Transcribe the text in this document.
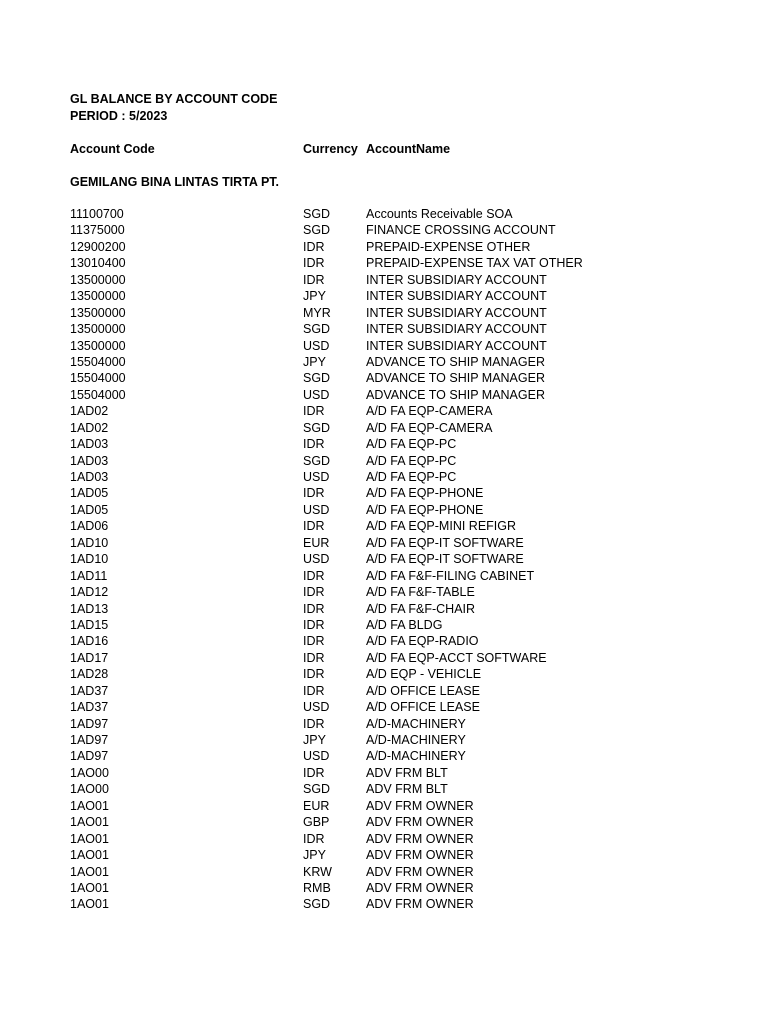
GL BALANCE BY ACCOUNT CODE
PERIOD : 5/2023
Account Code	Currency AccountName
GEMILANG BINA LINTAS TIRTA PT.
11100700	SGD	Accounts Receivable SOA
11375000	SGD	FINANCE CROSSING ACCOUNT
12900200	IDR	PREPAID-EXPENSE OTHER
13010400	IDR	PREPAID-EXPENSE TAX VAT OTHER
13500000	IDR	INTER SUBSIDIARY ACCOUNT
13500000	JPY	INTER SUBSIDIARY ACCOUNT
13500000	MYR	INTER SUBSIDIARY ACCOUNT
13500000	SGD	INTER SUBSIDIARY ACCOUNT
13500000	USD	INTER SUBSIDIARY ACCOUNT
15504000	JPY	ADVANCE TO SHIP MANAGER
15504000	SGD	ADVANCE TO SHIP MANAGER
15504000	USD	ADVANCE TO SHIP MANAGER
1AD02	IDR	A/D FA EQP-CAMERA
1AD02	SGD	A/D FA EQP-CAMERA
1AD03	IDR	A/D FA EQP-PC
1AD03	SGD	A/D FA EQP-PC
1AD03	USD	A/D FA EQP-PC
1AD05	IDR	A/D FA EQP-PHONE
1AD05	USD	A/D FA EQP-PHONE
1AD06	IDR	A/D FA EQP-MINI REFIGR
1AD10	EUR	A/D FA EQP-IT SOFTWARE
1AD10	USD	A/D FA EQP-IT SOFTWARE
1AD11	IDR	A/D FA F&F-FILING CABINET
1AD12	IDR	A/D FA F&F-TABLE
1AD13	IDR	A/D FA F&F-CHAIR
1AD15	IDR	A/D FA BLDG
1AD16	IDR	A/D FA EQP-RADIO
1AD17	IDR	A/D FA EQP-ACCT SOFTWARE
1AD28	IDR	A/D EQP - VEHICLE
1AD37	IDR	A/D OFFICE LEASE
1AD37	USD	A/D OFFICE LEASE
1AD97	IDR	A/D-MACHINERY
1AD97	JPY	A/D-MACHINERY
1AD97	USD	A/D-MACHINERY
1AO00	IDR	ADV FRM BLT
1AO00	SGD	ADV FRM BLT
1AO01	EUR	ADV FRM OWNER
1AO01	GBP	ADV FRM OWNER
1AO01	IDR	ADV FRM OWNER
1AO01	JPY	ADV FRM OWNER
1AO01	KRW	ADV FRM OWNER
1AO01	RMB	ADV FRM OWNER
1AO01	SGD	ADV FRM OWNER
